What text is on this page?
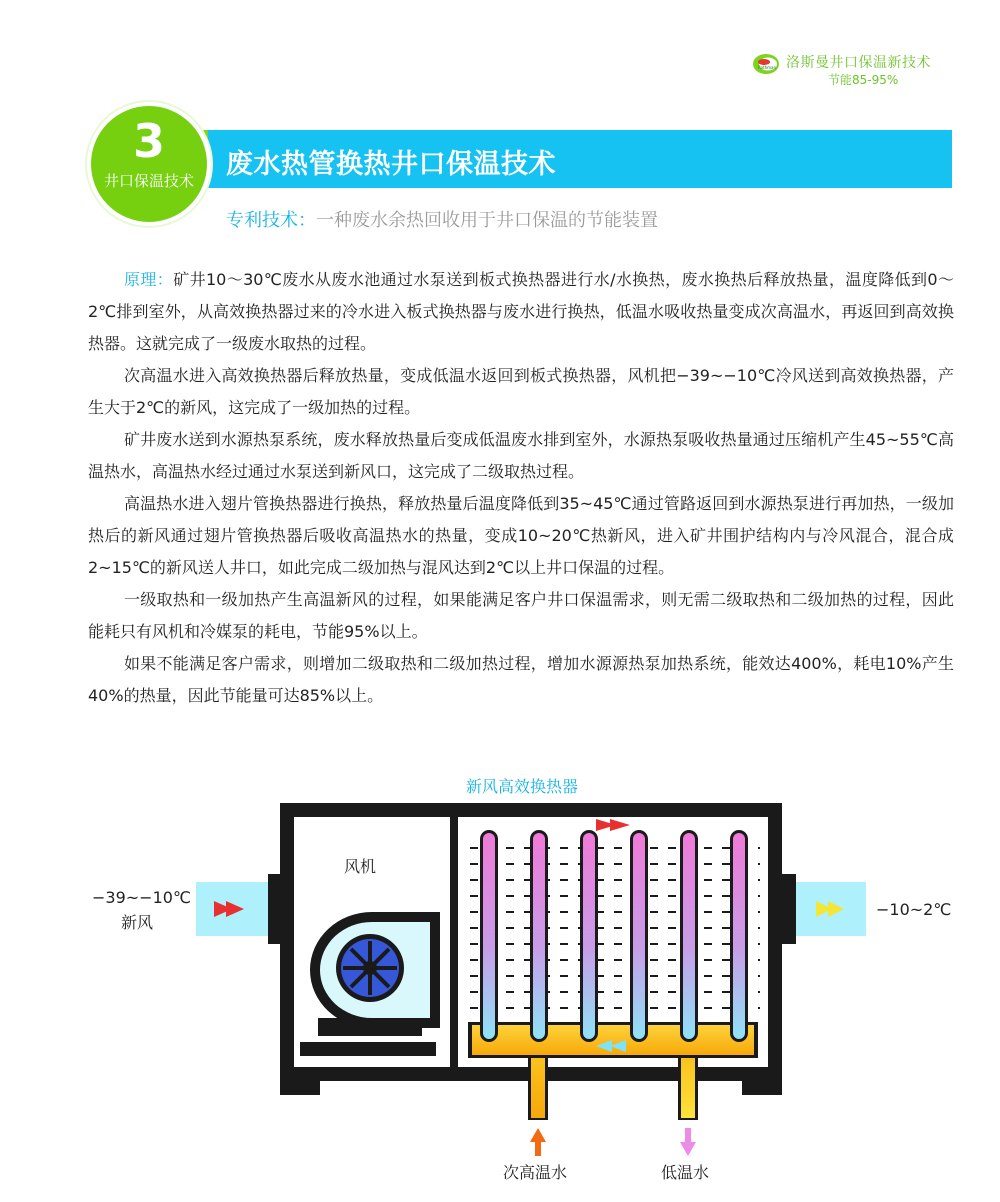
Rothman 洛斯曼井口保温新技术
节能85-95%
废水热管换热井口保温技术
3
井口保温技术
专利技术：一种废水余热回收用于井口保温的节能装置

原理：矿井10～30℃废水从废水池通过水泵送到板式换热器进行水/水换热，废水换热后释放热量，温度降低到0～2℃排到室外，从高效换热器过来的冷水进入板式换热器与废水进行换热，低温水吸收热量变成次高温水，再返回到高效换热器。这就完成了一级废水取热的过程。

次高温水进入高效换热器后释放热量，变成低温水返回到板式换热器，风机把−39~−10℃冷风送到高效换热器，产生大于2℃的新风，这完成了一级加热的过程。

矿井废水送到水源热泵系统，废水释放热量后变成低温废水排到室外，水源热泵吸收热量通过压缩机产生45~55℃高温热水，高温热水经过通过水泵送到新风口，这完成了二级取热过程。

高温热水进入翅片管换热器进行换热，释放热量后温度降低到35~45℃通过管路返回到水源热泵进行再加热，一级加热后的新风通过翅片管换热器后吸收高温热水的热量，变成10~20℃热新风，进入矿井围护结构内与冷风混合，混合成2~15℃的新风送人井口，如此完成二级加热与混风达到2℃以上井口保温的过程。

一级取热和一级加热产生高温新风的过程，如果能满足客户井口保温需求，则无需二级取热和二级加热的过程，因此能耗只有风机和冷媒泵的耗电，节能95%以上。

如果不能满足客户需求，则增加二级取热和二级加热过程，增加水源源热泵加热系统，能效达400%，耗电10%产生40%的热量，因此节能量可达85%以上。

新风高效换热器
风机
−39~−10℃
新风
−10~2℃
次高温水	低温水
